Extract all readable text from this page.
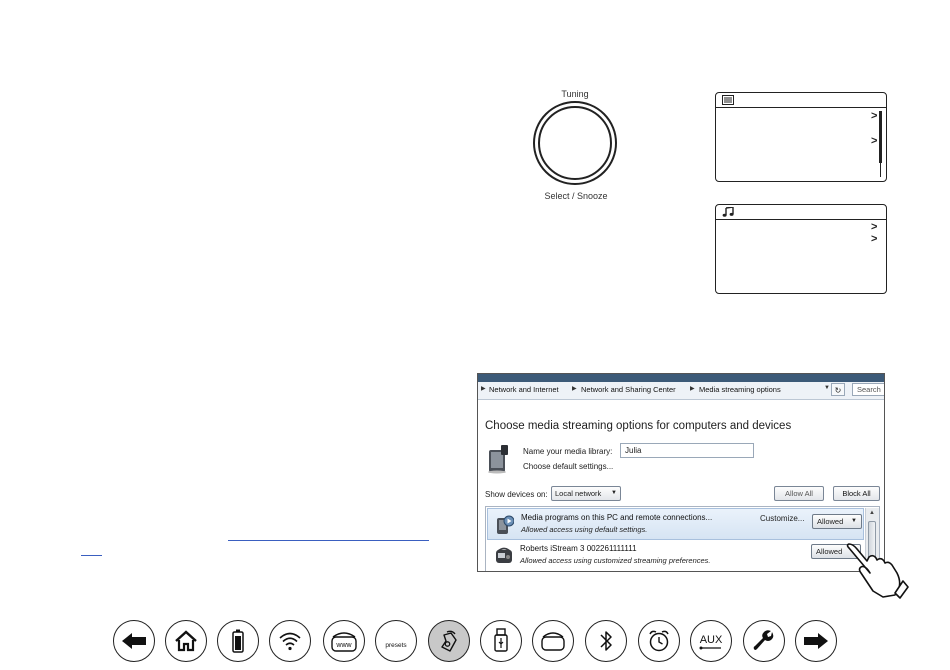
Tuning
Select / Snooze
>
>
>
>
▶ Network and Internet ▶ Network and Sharing Center ▶ Media streaming options	▼ ↻	Search
Choose media streaming options for computers and devices
Name your media library:	Julia
Choose default settings...
Show devices on: Local network ▼	Allow All	Block All
Media programs on this PC and remote connections...
Allowed access using default settings.
Customize...	Allowed ▼
Roberts iStream 3 002261111111
Allowed access using customized streaming preferences.
Allowed
▲
www	presets	AUX
